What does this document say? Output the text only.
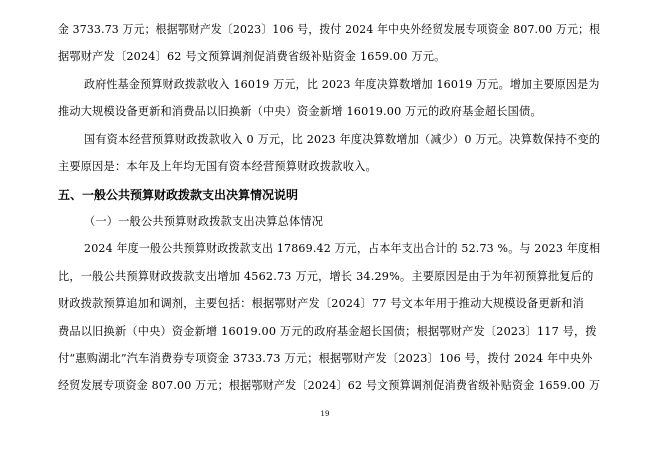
金 3733.73 万元；根据鄂财产发〔2023〕106 号，拨付 2024 年中央外经贸发展专项资金 807.00 万元；根
据鄂财产发〔2024〕62 号文预算调剂促消费省级补贴资金 1659.00 万元。
政府性基金预算财政拨款收入 16019 万元，比 2023 年度决算数增加 16019 万元。增加主要原因是为
推动大规模设备更新和消费品以旧换新（中央）资金新增 16019.00 万元的政府基金超长国债。
国有资本经营预算财政拨款收入 0 万元，比 2023 年度决算数增加（减少）0 万元。决算数保持不变的
主要原因是：本年及上年均无国有资本经营预算财政拨款收入。
五、一般公共预算财政拨款支出决算情况说明
（一）一般公共预算财政拨款支出决算总体情况
2024 年度一般公共预算财政拨款支出 17869.42 万元，占本年支出合计的 52.73 %。与 2023 年度相
比，一般公共预算财政拨款支出增加 4562.73 万元，增长 34.29%。主要原因是由于为年初预算批复后的
财政拨款预算追加和调剂，主要包括：根据鄂财产发〔2024〕77 号文本年用于推动大规模设备更新和消
费品以旧换新（中央）资金新增 16019.00 万元的政府基金超长国债；根据鄂财产发〔2023〕117 号，拨
付“惠购湖北”汽车消费券专项资金 3733.73 万元；根据鄂财产发〔2023〕106 号，拨付 2024 年中央外
经贸发展专项资金 807.00 万元；根据鄂财产发〔2024〕62 号文预算调剂促消费省级补贴资金 1659.00 万
19
